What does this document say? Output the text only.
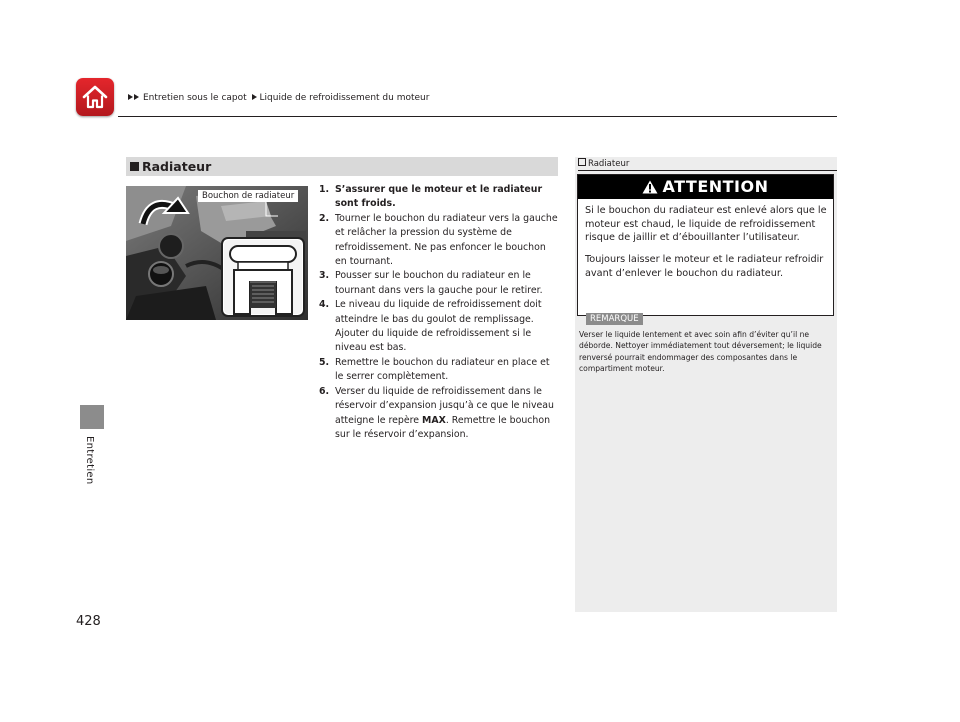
Entretien sous le capot Liquide de refroidissement du moteur
Entretien
428
Radiateur
Bouchon de radiateur
1. S’assurer que le moteur et le radiateur sont froids.
2. Tourner le bouchon du radiateur vers la gauche et relâcher la pression du système de refroidissement. Ne pas enfoncer le bouchon en tournant.
3. Pousser sur le bouchon du radiateur en le tournant dans vers la gauche pour le retirer.
4. Le niveau du liquide de refroidissement doit atteindre le bas du goulot de remplissage. Ajouter du liquide de refroidissement si le niveau est bas.
5. Remettre le bouchon du radiateur en place et le serrer complètement.
6. Verser du liquide de refroidissement dans le réservoir d’expansion jusqu’à ce que le niveau atteigne le repère MAX. Remettre le bouchon sur le réservoir d’expansion.
Radiateur
ATTENTION

Si le bouchon du radiateur est enlevé alors que le moteur est chaud, le liquide de refroidissement risque de jaillir et d’ébouillanter l’utilisateur.

Toujours laisser le moteur et le radiateur refroidir avant d’enlever le bouchon du radiateur.

REMARQUE

Verser le liquide lentement et avec soin afin d’éviter qu’il ne déborde. Nettoyer immédiatement tout déversement; le liquide renversé pourrait endommager des composantes dans le compartiment moteur.
